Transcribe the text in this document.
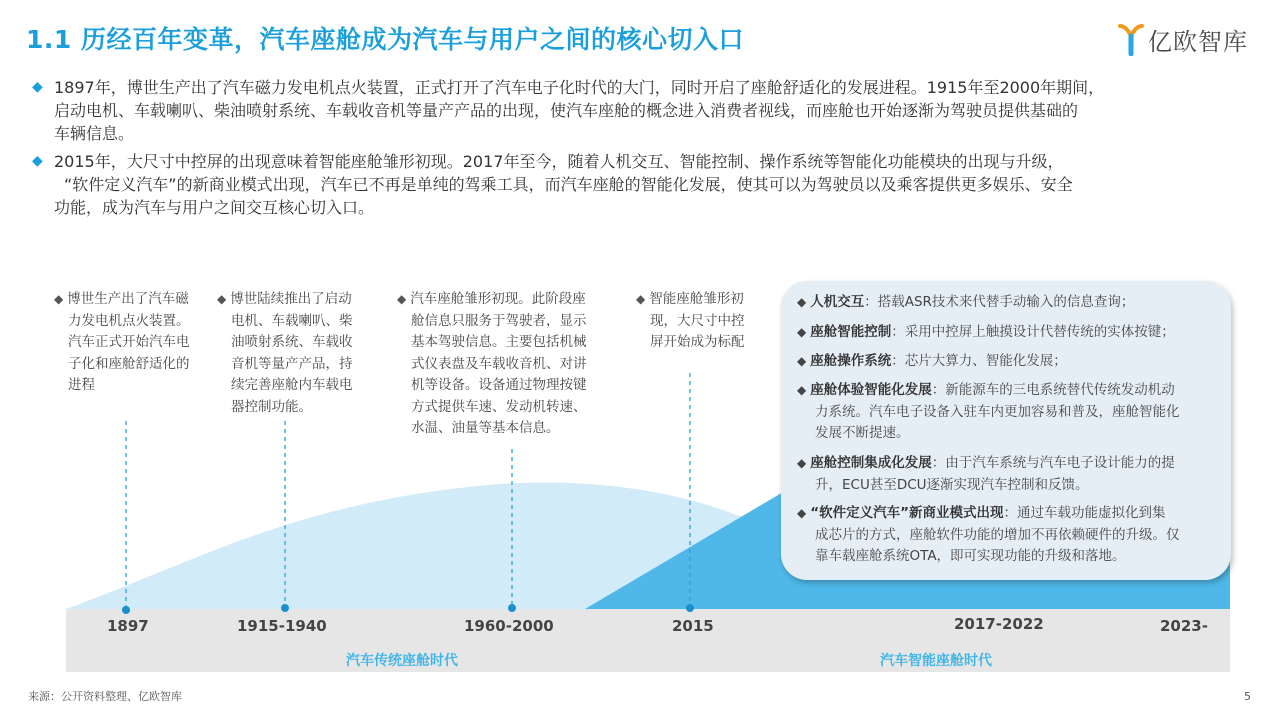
1.1 历经百年变革，汽车座舱成为汽车与用户之间的核心切入口	亿欧智库
◆ 1897年，博世生产出了汽车磁力发电机点火装置，正式打开了汽车电子化时代的大门，同时开启了座舱舒适化的发展进程。1915年至2000年期间，
启动电机、车载喇叭、柴油喷射系统、车载收音机等量产产品的出现，使汽车座舱的概念进入消费者视线，而座舱也开始逐渐为驾驶员提供基础的
车辆信息。
◆ 2015年，大尺寸中控屏的出现意味着智能座舱雏形初现。2017年至今，随着人机交互、智能控制、操作系统等智能化功能模块的出现与升级，
“软件定义汽车”的新商业模式出现，汽车已不再是单纯的驾乘工具，而汽车座舱的智能化发展，使其可以为驾驶员以及乘客提供更多娱乐、安全
功能，成为汽车与用户之间交互核心切入口。
◆ 博世生产出了汽车磁
力发电机点火装置。
汽车正式开始汽车电
子化和座舱舒适化的
进程
◆ 博世陆续推出了启动
电机、车载喇叭、柴
油喷射系统、车载收
音机等量产产品，持
续完善座舱内车载电
器控制功能。
◆ 汽车座舱雏形初现。此阶段座
舱信息只服务于驾驶者，显示
基本驾驶信息。主要包括机械
式仪表盘及车载收音机、对讲
机等设备。设备通过物理按键
方式提供车速、发动机转速、
水温、油量等基本信息。
◆ 智能座舱雏形初
现，大尺寸中控
屏开始成为标配
◆ 人机交互：搭载ASR技术来代替手动输入的信息查询；
◆ 座舱智能控制：采用中控屏上触摸设计代替传统的实体按键；
◆ 座舱操作系统：芯片大算力、智能化发展；
◆ 座舱体验智能化发展：新能源车的三电系统替代传统发动机动
力系统。汽车电子设备入驻车内更加容易和普及，座舱智能化
发展不断提速。
◆ 座舱控制集成化发展：由于汽车系统与汽车电子设计能力的提
升，ECU甚至DCU逐渐实现汽车控制和反馈。
◆ “软件定义汽车”新商业模式出现：通过车载功能虚拟化到集
成芯片的方式，座舱软件功能的增加不再依赖硬件的升级。仅
靠车载座舱系统OTA，即可实现功能的升级和落地。
1897	1915-1940	1960-2000	2015	2017-2022	2023-
汽车传统座舱时代	汽车智能座舱时代
来源：公开资料整理、亿欧智库	5
